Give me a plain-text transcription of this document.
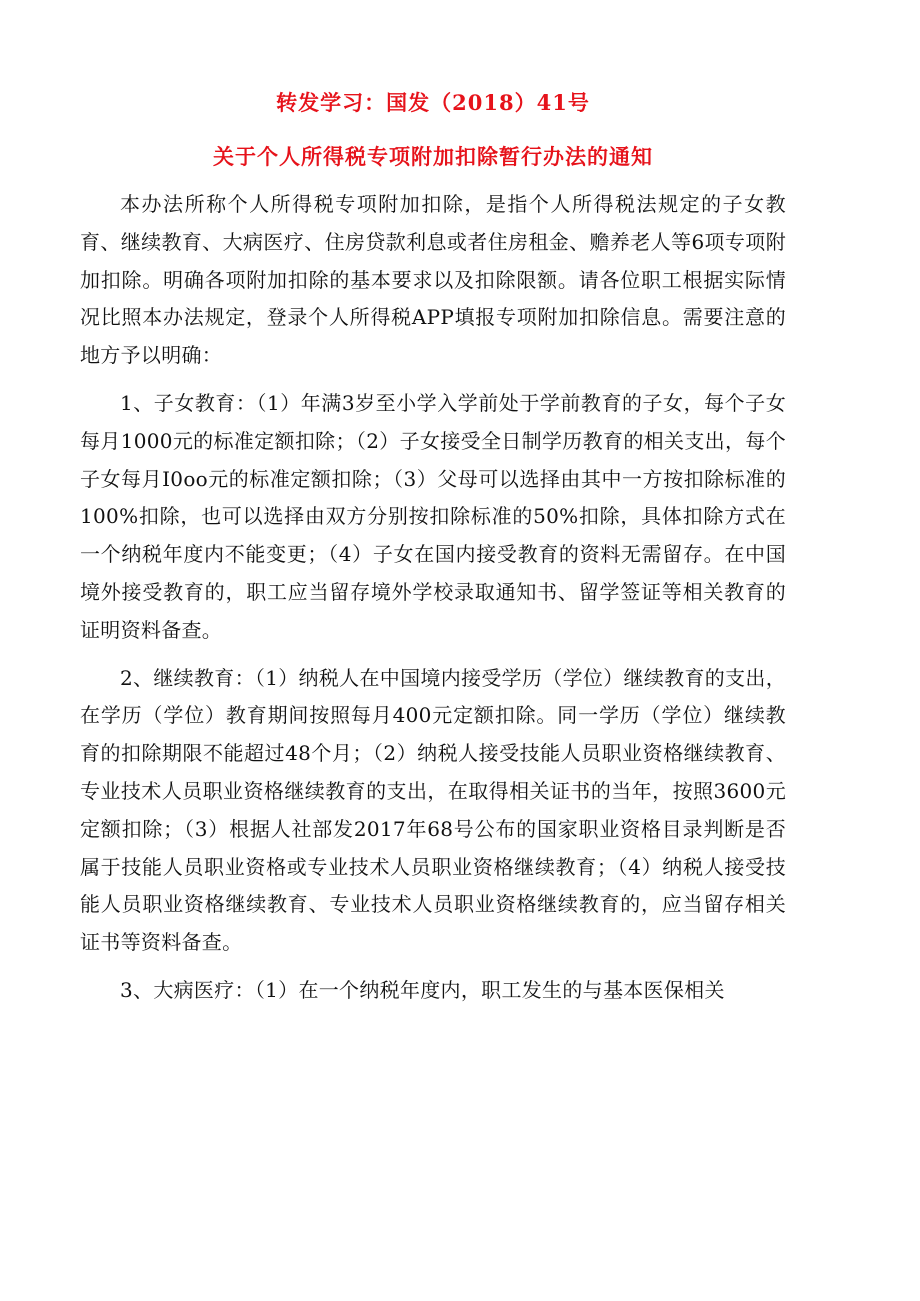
转发学习：国发（2018）41号
关于个人所得税专项附加扣除暂行办法的通知

本办法所称个人所得税专项附加扣除，是指个人所得税法规定的子女教育、继续教育、大病医疗、住房贷款利息或者住房租金、赡养老人等6项专项附加扣除。明确各项附加扣除的基本要求以及扣除限额。请各位职工根据实际情况比照本办法规定，登录个人所得税APP填报专项附加扣除信息。需要注意的地方予以明确：

1、子女教育：（1）年满3岁至小学入学前处于学前教育的子女，每个子女每月1000元的标准定额扣除；（2）子女接受全日制学历教育的相关支出，每个子女每月I0oo元的标准定额扣除；（3）父母可以选择由其中一方按扣除标准的100%扣除，也可以选择由双方分别按扣除标准的50%扣除，具体扣除方式在一个纳税年度内不能变更；（4）子女在国内接受教育的资料无需留存。在中国境外接受教育的，职工应当留存境外学校录取通知书、留学签证等相关教育的证明资料备查。

2、继续教育：（1）纳税人在中国境内接受学历（学位）继续教育的支出，在学历（学位）教育期间按照每月400元定额扣除。同一学历（学位）继续教育的扣除期限不能超过48个月；（2）纳税人接受技能人员职业资格继续教育、专业技术人员职业资格继续教育的支出，在取得相关证书的当年，按照3600元定额扣除；（3）根据人社部发2017年68号公布的国家职业资格目录判断是否属于技能人员职业资格或专业技术人员职业资格继续教育；（4）纳税人接受技能人员职业资格继续教育、专业技术人员职业资格继续教育的，应当留存相关证书等资料备查。

3、大病医疗：（1）在一个纳税年度内，职工发生的与基本医保相关
